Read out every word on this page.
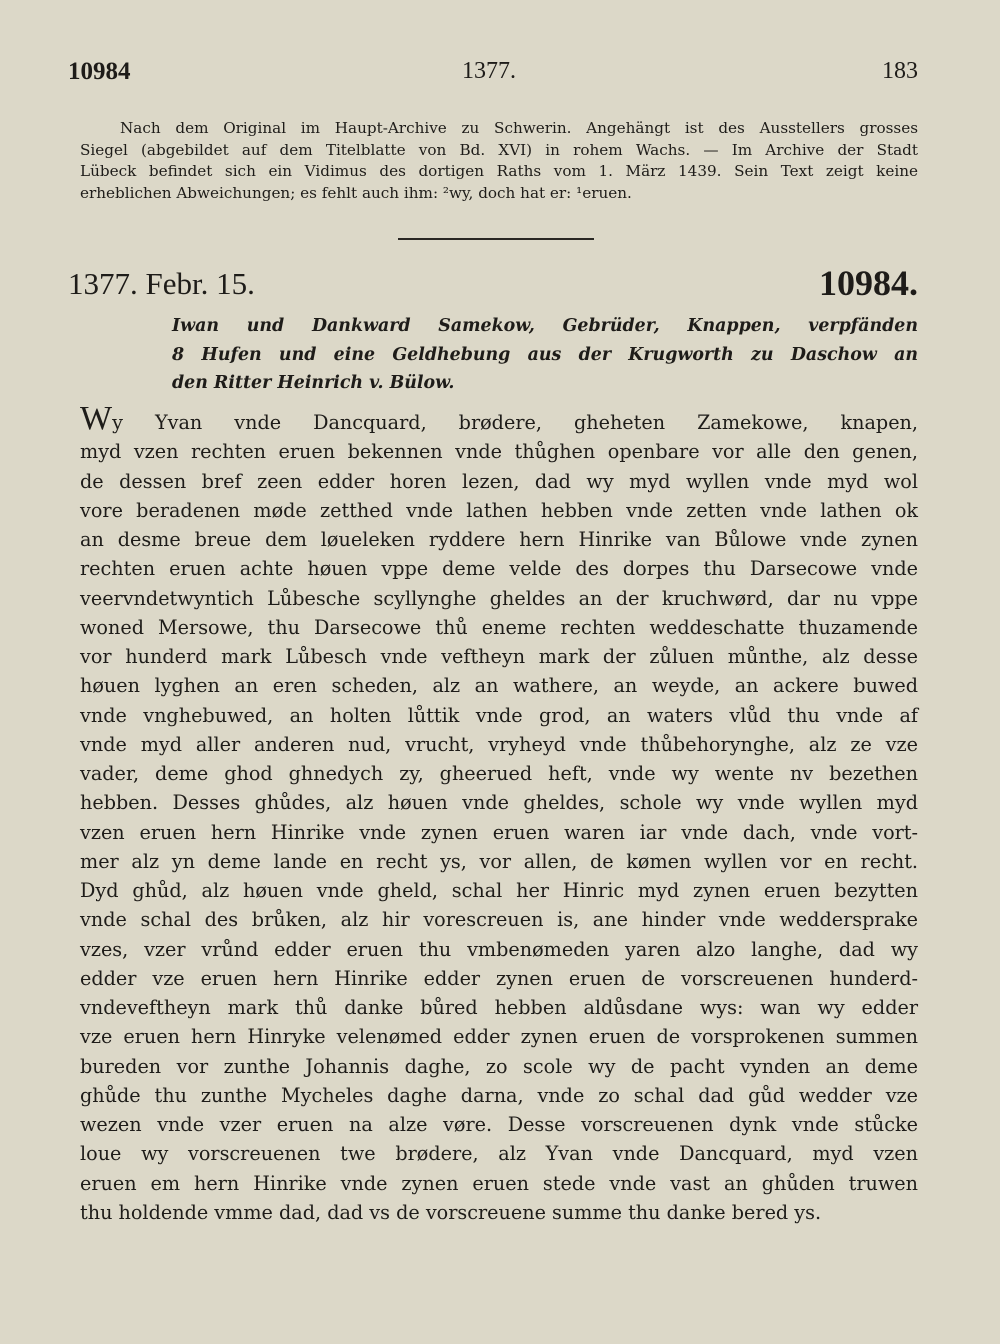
10984	1377.	183
Nach dem Original im Haupt-Archive zu Schwerin. Angehängt ist des Ausstellers grosses
Siegel (abgebildet auf dem Titelblatte von Bd. XVI) in rohem Wachs. — Im Archive der Stadt
Lübeck befindet sich ein Vidimus des dortigen Raths vom 1. März 1439. Sein Text zeigt keine
erheblichen Abweichungen; es fehlt auch ihm: ²wy, doch hat er: ¹eruen.
1377. Febr. 15.	10984.
Iwan und Dankward Samekow, Gebrüder, Knappen, verpfänden
8 Hufen und eine Geldhebung aus der Krugworth zu Daschow an
den Ritter Heinrich v. Bülow.
Wy Yvan vnde Dancquard, brødere, gheheten Zamekowe, knapen,
myd vzen rechten eruen bekennen vnde thůghen openbare vor alle den genen,
de dessen bref zeen edder horen lezen, dad wy myd wyllen vnde myd wol
vore beradenen møde zetthed vnde lathen hebben vnde zetten vnde lathen ok
an desme breue dem løueleken ryddere hern Hinrike van Bůlowe vnde zynen
rechten eruen achte høuen vppe deme velde des dorpes thu Darsecowe vnde
veervndetwyntich Lůbesche scyllynghe gheldes an der kruchwørd, dar nu vppe
woned Mersowe, thu Darsecowe thů eneme rechten weddeschatte thuzamende
vor hunderd mark Lůbesch vnde veftheyn mark der zůluen můnthe, alz desse
høuen lyghen an eren scheden, alz an wathere, an weyde, an ackere buwed
vnde vnghebuwed, an holten lůttik vnde grod, an waters vlůd thu vnde af
vnde myd aller anderen nud, vrucht, vryheyd vnde thůbehorynghe, alz ze vze
vader, deme ghod ghnedych zy, gheerued heft, vnde wy wente nv bezethen
hebben. Desses ghůdes, alz høuen vnde gheldes, schole wy vnde wyllen myd
vzen eruen hern Hinrike vnde zynen eruen waren iar vnde dach, vnde vort-
mer alz yn deme lande en recht ys, vor allen, de kømen wyllen vor en recht.
Dyd ghůd, alz høuen vnde gheld, schal her Hinric myd zynen eruen bezytten
vnde schal des brůken, alz hir vorescreuen is, ane hinder vnde weddersprake
vzes, vzer vrůnd edder eruen thu vmbenømeden yaren alzo langhe, dad wy
edder vze eruen hern Hinrike edder zynen eruen de vorscreuenen hunderd-
vndeveftheyn mark thů danke bůred hebben aldůsdane wys: wan wy edder
vze eruen hern Hinryke velenømed edder zynen eruen de vorsprokenen summen
bureden vor zunthe Johannis daghe, zo scole wy de pacht vynden an deme
ghůde thu zunthe Mycheles daghe darna, vnde zo schal dad gůd wedder vze
wezen vnde vzer eruen na alze vøre. Desse vorscreuenen dynk vnde stůcke
loue wy vorscreuenen twe brødere, alz Yvan vnde Dancquard, myd vzen
eruen em hern Hinrike vnde zynen eruen stede vnde vast an ghůden truwen
thu holdende vmme dad, dad vs de vorscreuene summe thu danke bered ys.
